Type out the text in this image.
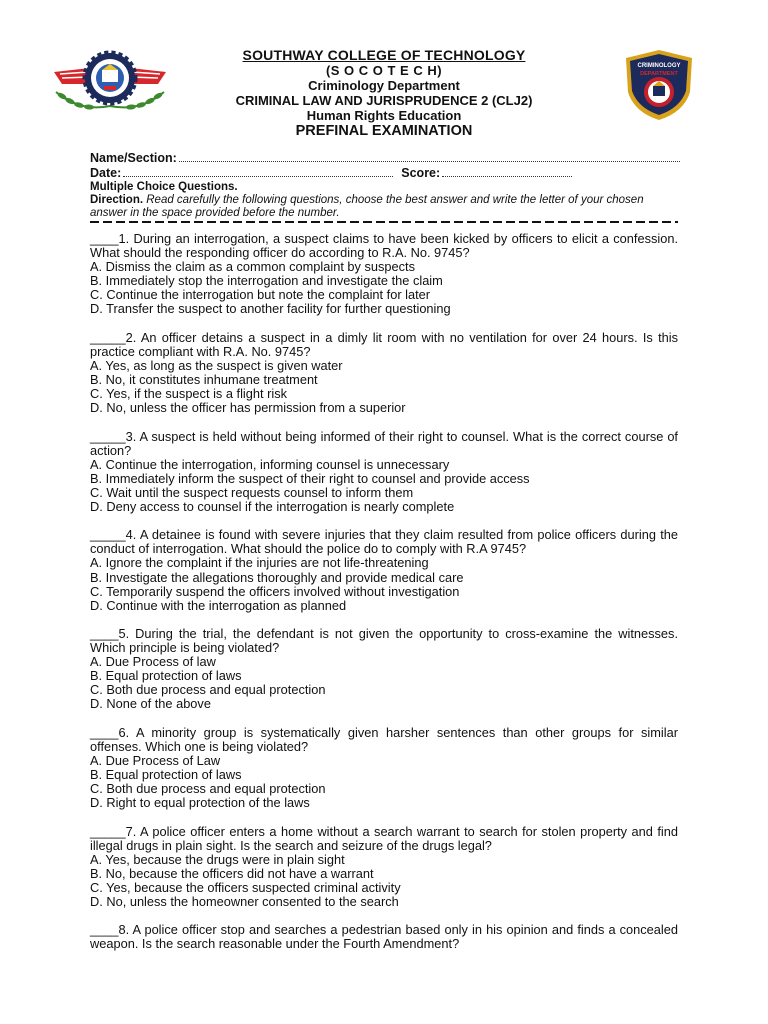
SOUTHWAY COLLEGE OF TECHNOLOGY
(S O C O T E C H)
Criminology Department
CRIMINAL LAW AND JURISPRUDENCE 2 (CLJ2)
Human Rights Education
PREFINAL EXAMINATION
CRIMINOLOGY
DEPARTMENT
Name/Section:
Date:	Score:
Multiple Choice Questions.
Direction. Read carefully the following questions, choose the best answer and write the letter of your chosen answer in the space provided before the number.
____1. During an interrogation, a suspect claims to have been kicked by officers to elicit a confession. What should the responding officer do according to R.A. No. 9745?
A. Dismiss the claim as a common complaint by suspects
B. Immediately stop the interrogation and investigate the claim
C. Continue the interrogation but note the complaint for later
D. Transfer the suspect to another facility for further questioning
_____2. An officer detains a suspect in a dimly lit room with no ventilation for over 24 hours. Is this practice compliant with R.A. No. 9745?
A. Yes, as long as the suspect is given water
B. No, it constitutes inhumane treatment
C. Yes, if the suspect is a flight risk
D. No, unless the officer has permission from a superior
_____3. A suspect is held without being informed of their right to counsel. What is the correct course of action?
A. Continue the interrogation, informing counsel is unnecessary
B. Immediately inform the suspect of their right to counsel and provide access
C. Wait until the suspect requests counsel to inform them
D. Deny access to counsel if the interrogation is nearly complete
_____4. A detainee is found with severe injuries that they claim resulted from police officers during the conduct of interrogation. What should the police do to comply with R.A 9745?
A. Ignore the complaint if the injuries are not life-threatening
B. Investigate the allegations thoroughly and provide medical care
C. Temporarily suspend the officers involved without investigation
D. Continue with the interrogation as planned
____5. During the trial, the defendant is not given the opportunity to cross-examine the witnesses. Which principle is being violated?
A. Due Process of law
B. Equal protection of laws
C. Both due process and equal protection
D. None of the above
____6. A minority group is systematically given harsher sentences than other groups for similar offenses. Which one is being violated?
A. Due Process of Law
B. Equal protection of laws
C. Both due process and equal protection
D. Right to equal protection of the laws
_____7. A police officer enters a home without a search warrant to search for stolen property and find illegal drugs in plain sight. Is the search and seizure of the drugs legal?
A. Yes, because the drugs were in plain sight
B. No, because the officers did not have a warrant
C. Yes, because the officers suspected criminal activity
D. No, unless the homeowner consented to the search
____8. A police officer stop and searches a pedestrian based only in his opinion and finds a concealed weapon. Is the search reasonable under the Fourth Amendment?
